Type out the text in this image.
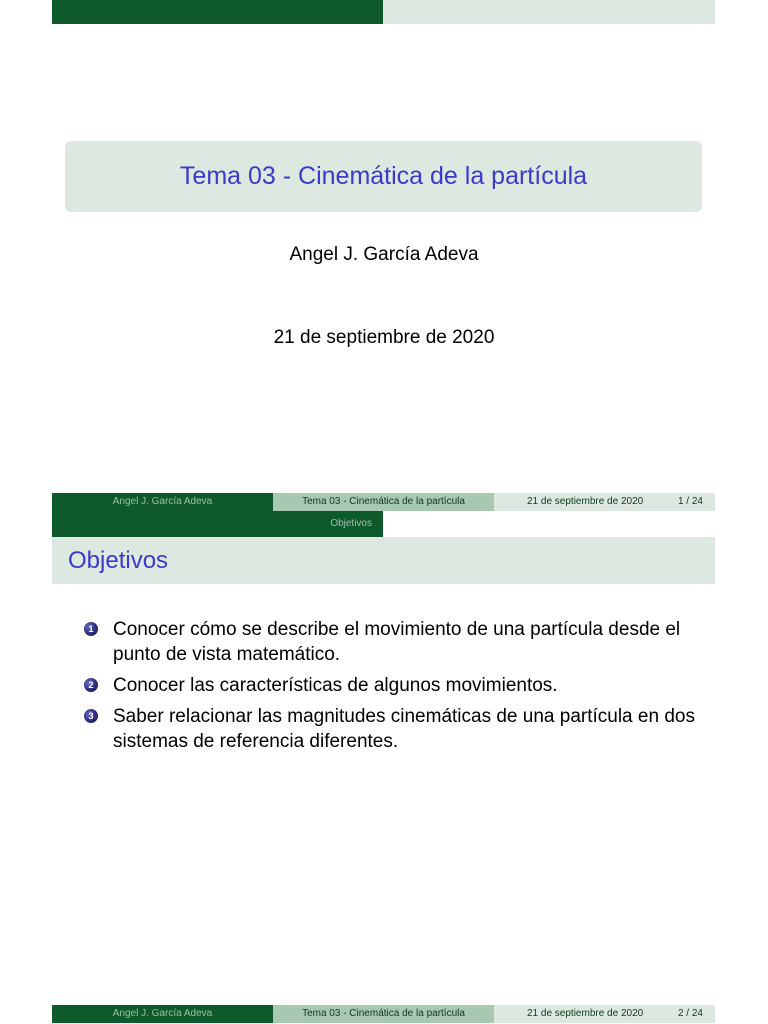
Tema 03 - Cinemática de la partícula
Angel J. García Adeva
21 de septiembre de 2020
Angel J. García Adeva	Tema 03 - Cinemática de la partícula	21 de septiembre de 2020	1 / 24
Objetivos
Objetivos
1 Conocer cómo se describe el movimiento de una partícula desde el punto de vista matemático.
2 Conocer las características de algunos movimientos.
3 Saber relacionar las magnitudes cinemáticas de una partícula en dos sistemas de referencia diferentes.
Angel J. García Adeva	Tema 03 - Cinemática de la partícula	21 de septiembre de 2020	2 / 24
